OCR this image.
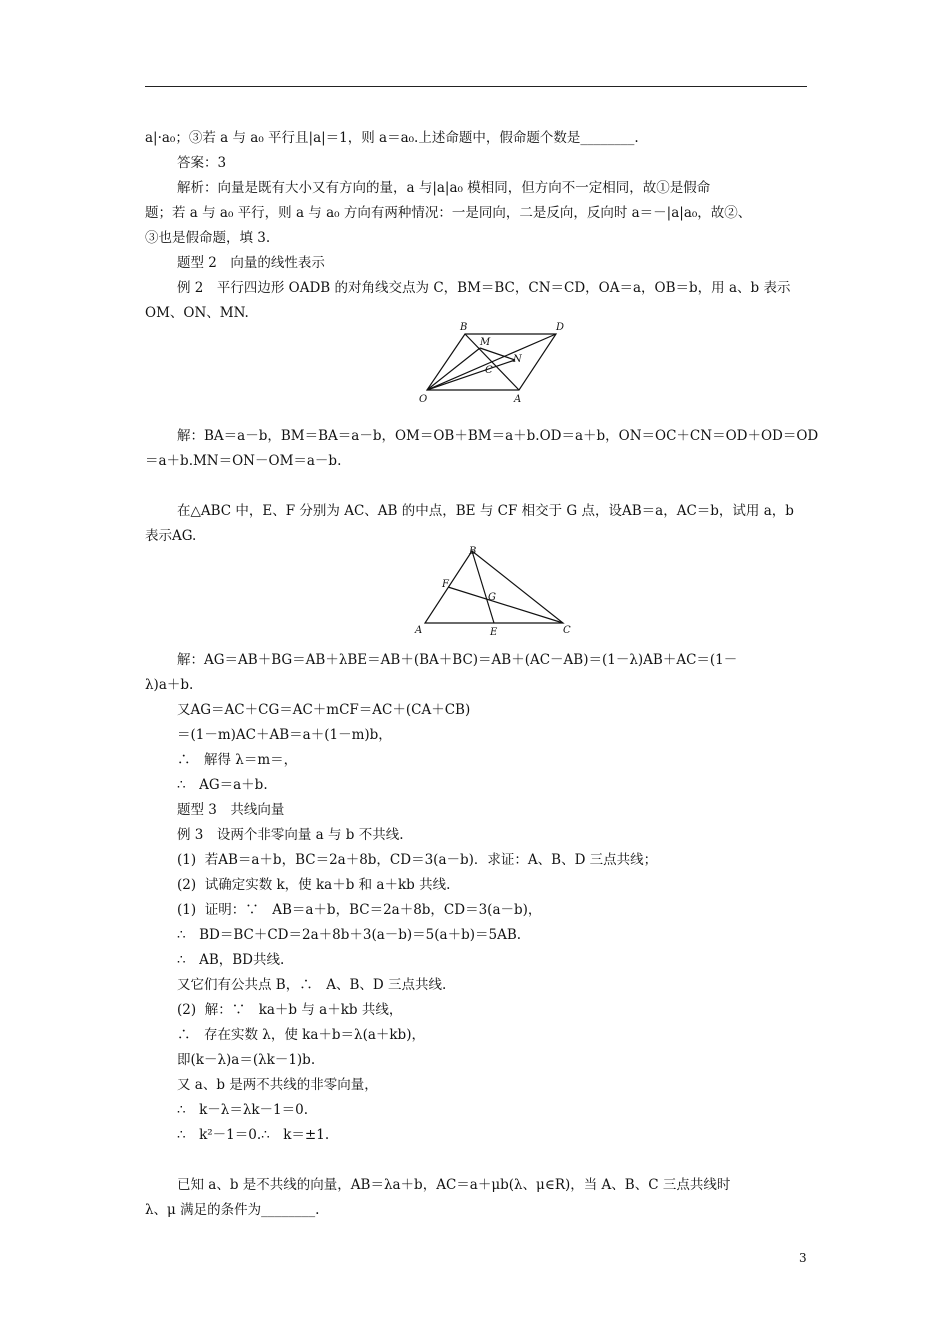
a|·a₀；③若 a 与 a₀ 平行且|a|＝1，则 a＝a₀.上述命题中，假命题个数是________.
答案：3
解析：向量是既有大小又有方向的量，a 与|a|a₀ 模相同，但方向不一定相同，故①是假命
题；若 a 与 a₀ 平行，则 a 与 a₀ 方向有两种情况：一是同向，二是反向，反向时 a＝－|a|a₀，故②、
③也是假命题，填 3.
题型 2　向量的线性表示
例 2　平行四边形 OADB 的对角线交点为 C，BM＝BC，CN＝CD，OA＝a，OB＝b，用 a、b 表示
OM、ON、MN.
B	D
M
N
C
O	A
解：BA＝a－b，BM＝BA＝a－b，OM＝OB＋BM＝a＋b.OD＝a＋b，ON＝OC＋CN＝OD＋OD＝OD
＝a＋b.MN＝ON－OM＝a－b.
在△ABC 中，E、F 分别为 AC、AB 的中点，BE 与 CF 相交于 G 点，设AB＝a，AC＝b，试用 a，b
表示AG.
B
F
G
A	E	C
解：AG＝AB＋BG＝AB＋λBE＝AB＋(BA＋BC)＝AB＋(AC－AB)＝(1－λ)AB＋AC＝(1－
λ)a＋b.
又AG＝AC＋CG＝AC＋mCF＝AC＋(CA＋CB)
＝(1－m)AC＋AB＝a＋(1－m)b，
∴　解得 λ＝m＝，
∴　AG＝a＋b.
题型 3　共线向量
例 3　设两个非零向量 a 与 b 不共线.
(1)  若AB＝a＋b，BC＝2a＋8b，CD＝3(a－b)．求证：A、B、D 三点共线；
(2)  试确定实数 k，使 ka＋b 和 a＋kb 共线.
(1)  证明：∵　AB＝a＋b，BC＝2a＋8b，CD＝3(a－b)，
∴　BD＝BC＋CD＝2a＋8b＋3(a－b)＝5(a＋b)＝5AB.
∴　AB，BD共线.
又它们有公共点 B，∴　A、B、D 三点共线.
(2)  解：∵　ka＋b 与 a＋kb 共线，
∴　存在实数 λ，使 ka＋b＝λ(a＋kb)，
即(k－λ)a＝(λk－1)b.
又 a、b 是两不共线的非零向量，
∴　k－λ＝λk－1＝0.
∴　k²－1＝0.∴　k＝±1.
已知 a、b 是不共线的向量，AB＝λa＋b，AC＝a＋μb(λ、μ∈R)，当 A、B、C 三点共线时
λ、μ 满足的条件为________.
3
